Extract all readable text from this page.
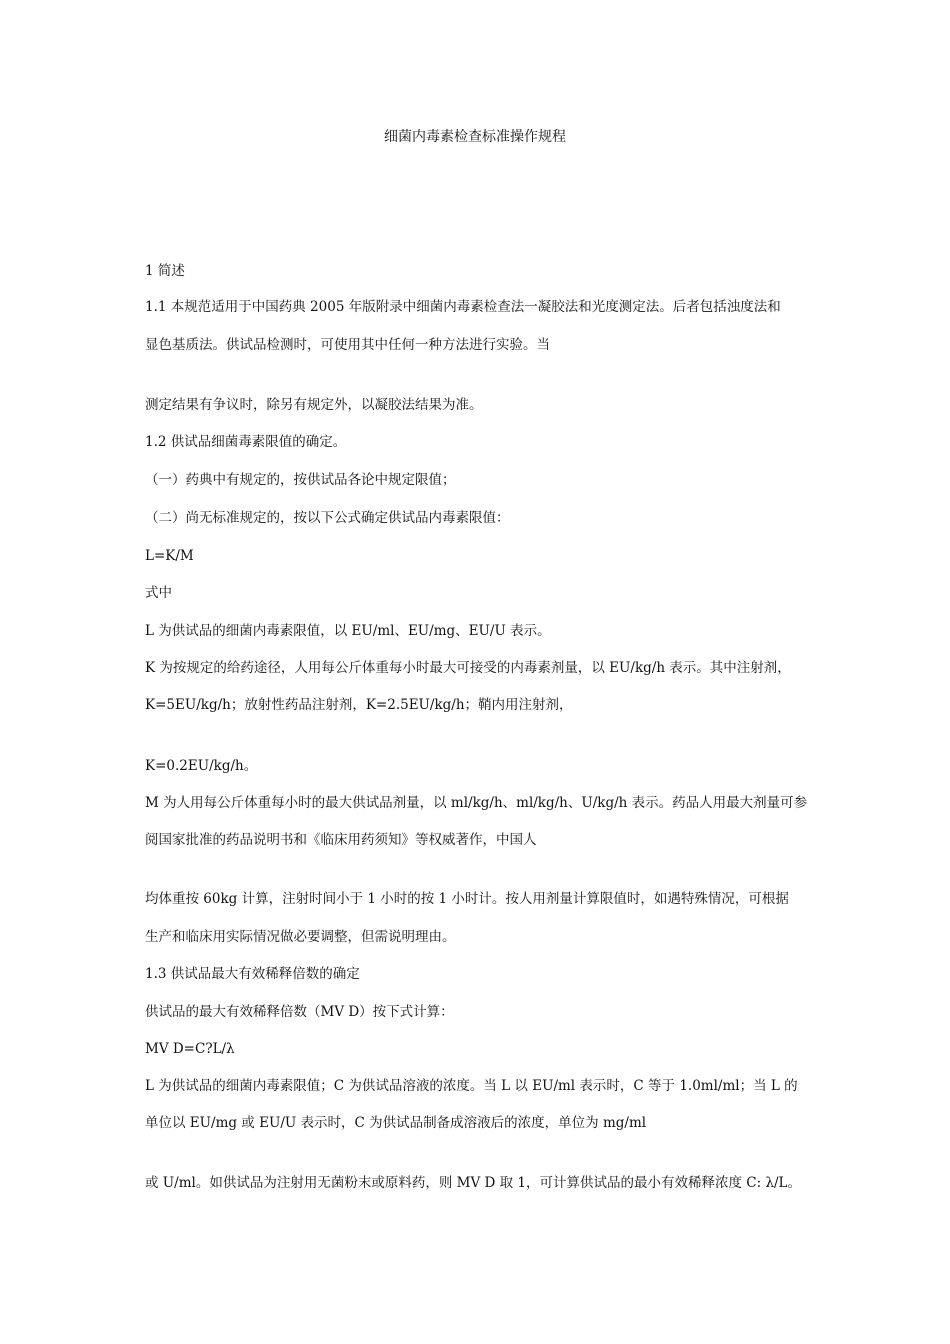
细菌内毒素检查标准操作规程
1 简述
1.1 本规范适用于中国药典 2005 年版附录中细菌内毒素检查法一凝胶法和光度测定法。后者包括浊度法和
显色基质法。供试品检测时，可使用其中任何一种方法进行实验。当
测定结果有争议时，除另有规定外，以凝胶法结果为准。
1.2 供试品细菌毒素限值的确定。
（一）药典中有规定的，按供试品各论中规定限值；
（二）尚无标准规定的，按以下公式确定供试品内毒素限值：
L=K/M
式中
L 为供试品的细菌内毒素限值，以 EU/ml、EU/mg、EU/U 表示。
K 为按规定的给药途径，人用每公斤体重每小时最大可接受的内毒素剂量，以 EU/kg/h 表示。其中注射剂，
K=5EU/kg/h；放射性药品注射剂，K=2.5EU/kg/h；鞘内用注射剂，
K=0.2EU/kg/h。
M 为人用每公斤体重每小时的最大供试品剂量，以 ml/kg/h、ml/kg/h、U/kg/h 表示。药品人用最大剂量可参
阅国家批准的药品说明书和《临床用药须知》等权威著作，中国人
均体重按 60kg 计算，注射时间小于 1 小时的按 1 小时计。按人用剂量计算限值时，如遇特殊情况，可根据
生产和临床用实际情况做必要调整，但需说明理由。
1.3 供试品最大有效稀释倍数的确定
供试品的最大有效稀释倍数（MV D）按下式计算：
MV D=C?L/λ
L 为供试品的细菌内毒素限值；C 为供试品溶液的浓度。当 L 以 EU/ml 表示时，C 等于 1.0ml/ml；当 L 的
单位以 EU/mg 或 EU/U 表示时，C 为供试品制备成溶液后的浓度，单位为 mg/ml
或 U/ml。如供试品为注射用无菌粉末或原料药，则 MV D 取 1，可计算供试品的最小有效稀释浓度 C: λ/L。
